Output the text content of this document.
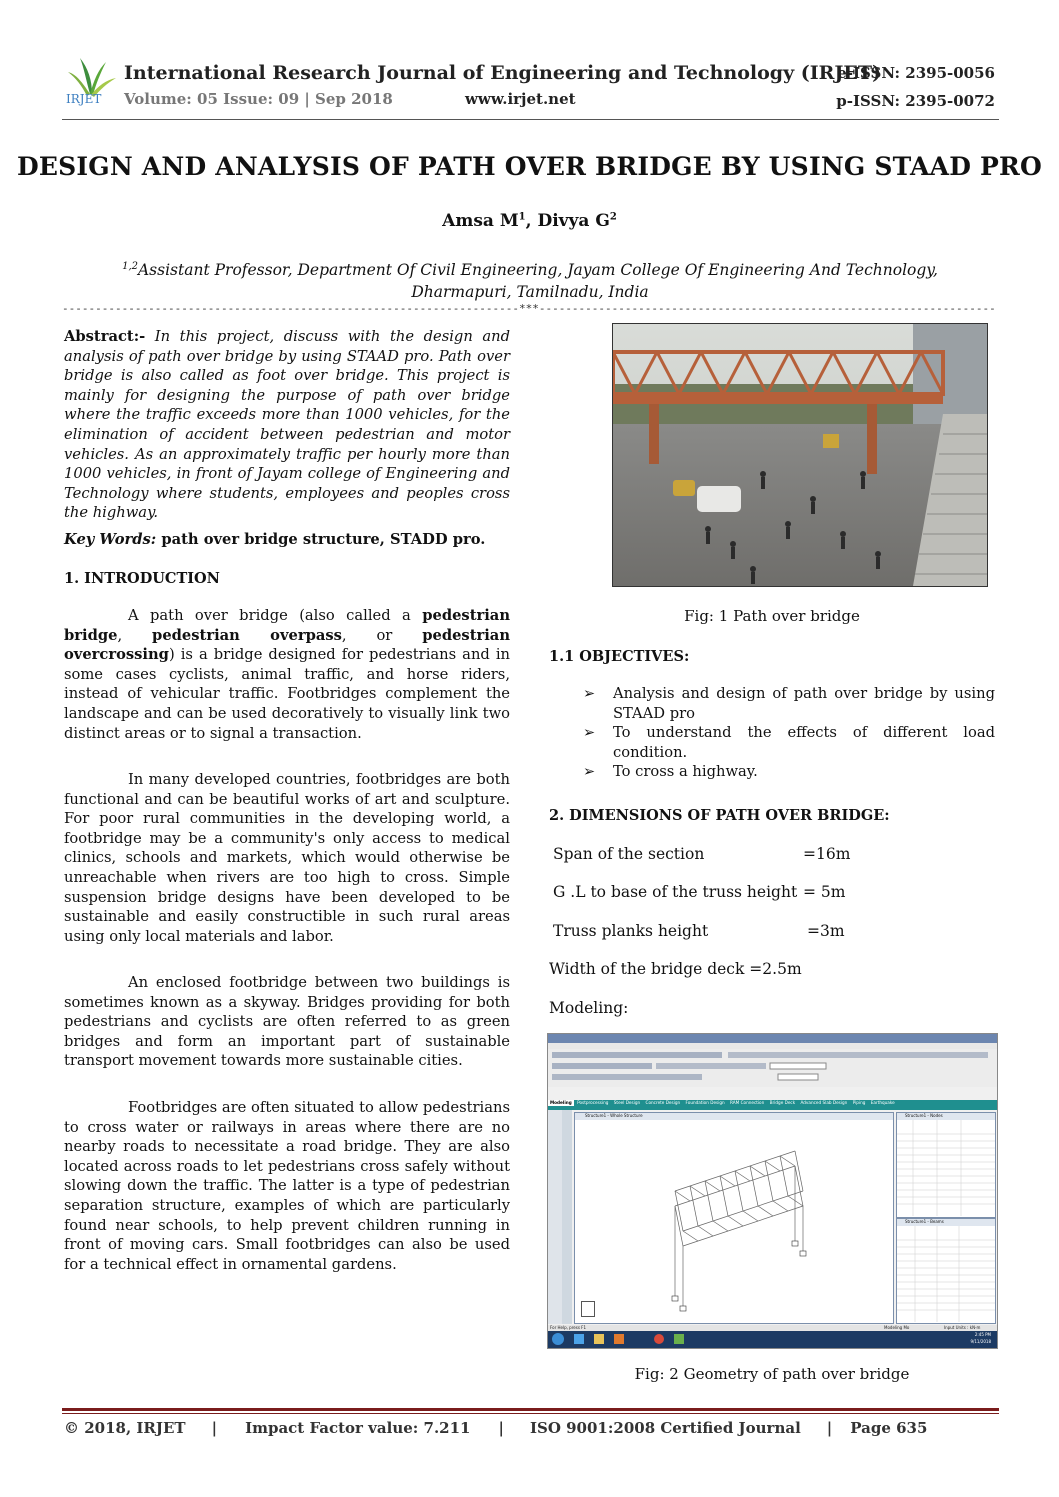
IRJET
International Research Journal of Engineering and Technology (IRJET)
Volume: 05 Issue: 09 | Sep 2018	www.irjet.net
e-ISSN: 2395-0056
p-ISSN: 2395-0072
DESIGN AND ANALYSIS OF PATH OVER BRIDGE BY USING STAAD PRO
Amsa $M^1$, Divya $G^2$
$^{1,2}$Assistant Professor, Department Of Civil Engineering, Jayam College Of Engineering And Technology,
Dharmapuri, Tamilnadu, India
---------------------------------------------------------------------***---------------------------------------------------------------------
Abstract:- In this project, discuss with the design and analysis of path over bridge by using STAAD pro. Path over bridge is also called as foot over bridge. This project is mainly for designing the purpose of path over bridge where the traffic exceeds more than 1000 vehicles, for the elimination of accident between pedestrian and motor vehicles. As an approximately traffic per hourly more than 1000 vehicles, in front of Jayam college of Engineering and Technology where students, employees and peoples cross the highway.
Key Words: path over bridge structure, STADD pro.
1. INTRODUCTION
A path over bridge (also called a pedestrian bridge, pedestrian overpass, or pedestrian overcrossing) is a bridge designed for pedestrians and in some cases cyclists, animal traffic, and horse riders, instead of vehicular traffic. Footbridges complement the landscape and can be used decoratively to visually link two distinct areas or to signal a transaction.
In many developed countries, footbridges are both functional and can be beautiful works of art and sculpture. For poor rural communities in the developing world, a footbridge may be a community's only access to medical clinics, schools and markets, which would otherwise be unreachable when rivers are too high to cross. Simple suspension bridge designs have been developed to be sustainable and easily constructible in such rural areas using only local materials and labor.
An enclosed footbridge between two buildings is sometimes known as a skyway. Bridges providing for both pedestrians and cyclists are often referred to as green bridges and form an important part of sustainable transport movement towards more sustainable cities.
Footbridges are often situated to allow pedestrians to cross water or railways in areas where there are no nearby roads to necessitate a road bridge. They are also located across roads to let pedestrians cross safely without slowing down the traffic. The latter is a type of pedestrian separation structure, examples of which are particularly found near schools, to help prevent children running in front of moving cars. Small footbridges can also be used for a technical effect in ornamental gardens.
Fig: 1 Path over bridge
1.1 OBJECTIVES:
➢ Analysis and design of path over bridge by using STAAD pro
➢ To understand the effects of different load condition.
➢ To cross a highway.
2. DIMENSIONS OF PATH OVER BRIDGE:
Span of the section	=16m
G .L to base of the truss height = 5m
Truss planks height	=3m
Width of the bridge deck =2.5m
Modeling:
Modeling Postprocessing Steel Design Concrete Design Foundation Design RAM Connection Bridge Deck Advanced Slab Design Piping Earthquake
Structure1 - Whole Structure	Structure1 - Nodes
Structure1 - Beams
For Help, press F1	Modeling Mo	Input Units : kN-m
2:45 PM
9/11/2018
Fig: 2 Geometry of path over bridge
© 2018, IRJET | Impact Factor value: 7.211 | ISO 9001:2008 Certified Journal | Page 635
